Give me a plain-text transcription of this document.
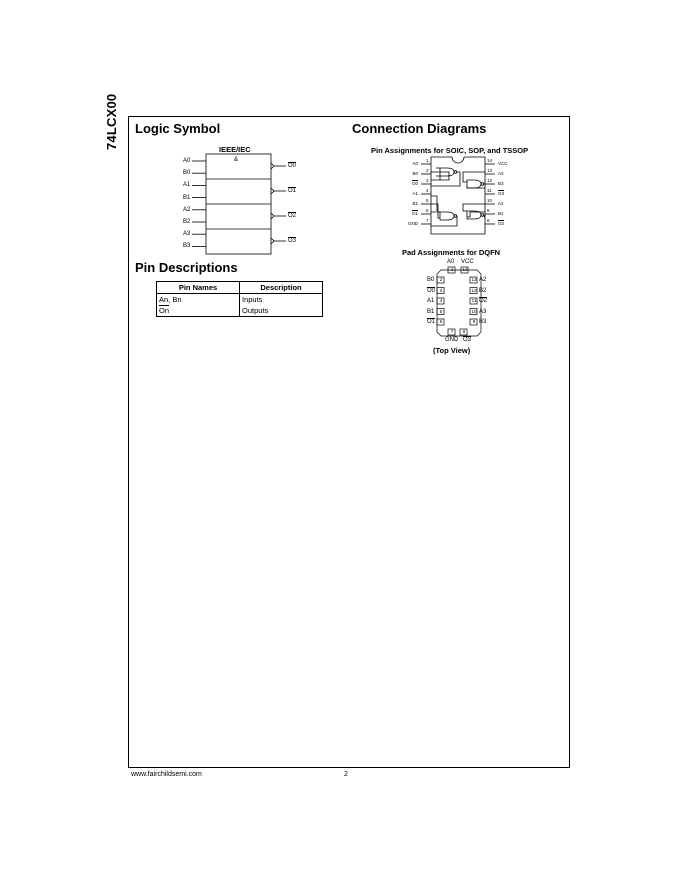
74LCX00 Logic Symbol	Connection Diagrams
Pin Descriptions
IEEE/IEC
&
A0
B0
A1
B1
A2
B2
A3
B3
O0
O1
O2
O3
Pin Assignments for SOIC, SOP, and TSSOP
1
A0
2
B0
3
O0
4
A1
5
B1
6
O1
7
GND
14
VCC
13
A3
12
B3
11
O3
10
A2
9
B2
8
O2
Pad Assignments for DQFN
1
A0
14
VCC
2
B0
3
O0
4
A1
5
B1
6
O1
13 A2
12 B2
11 O2
10 A3
9 B3
7
GND
8
O3
(Top View)
Pin Names	Description
An, Bn	Inputs
$\overline{On}$	Outputs
www.fairchildsemi.com	2
